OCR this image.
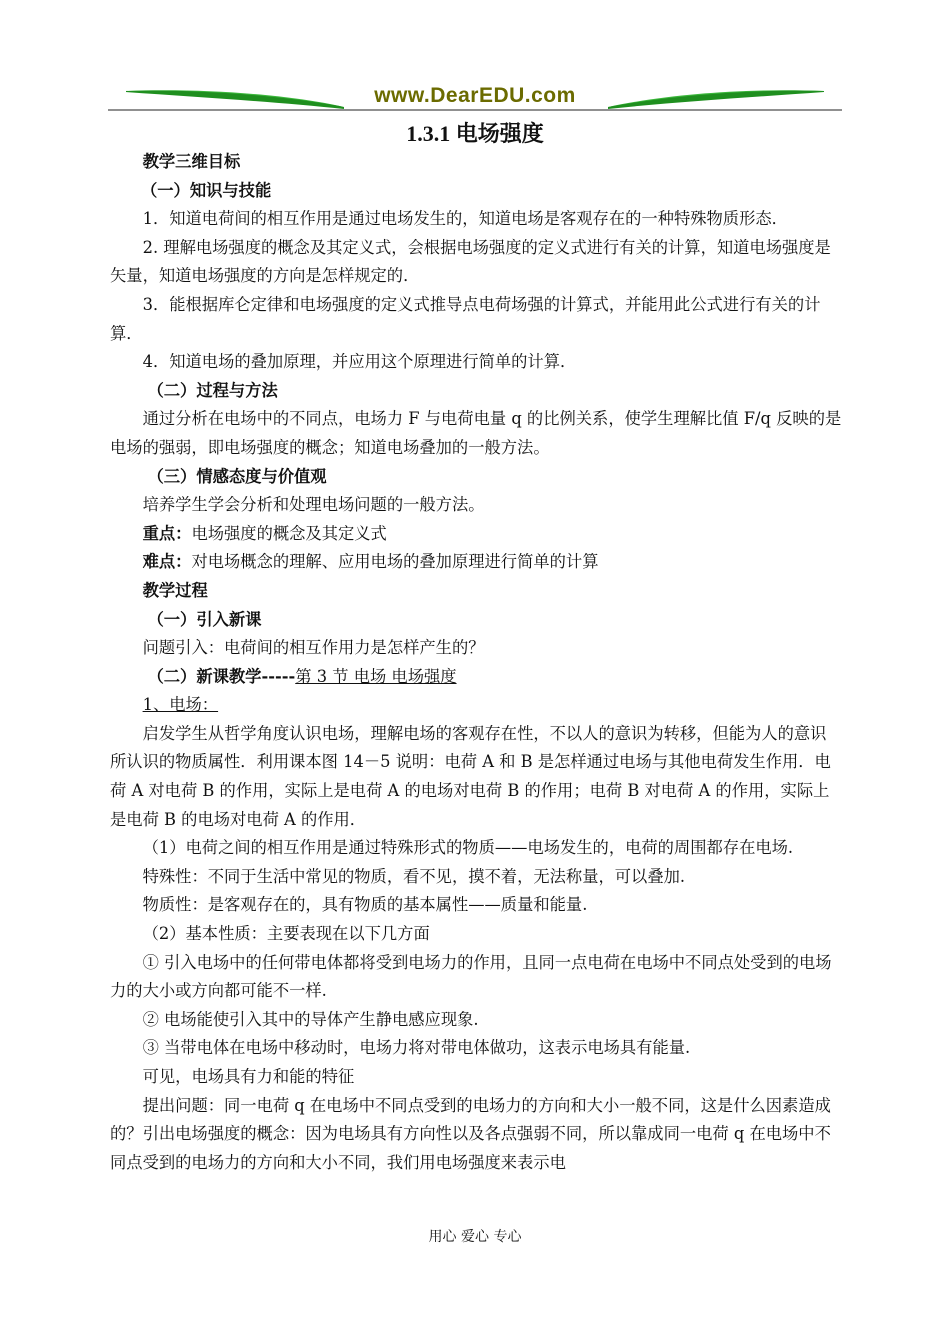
www.DearEDU.com
1.3.1 电场强度

教学三维目标

（一）知识与技能

1．知道电荷间的相互作用是通过电场发生的，知道电场是客观存在的一种特殊物质形态．

2. 理解电场强度的概念及其定义式，会根据电场强度的定义式进行有关的计算，知道电场强度是矢量，知道电场强度的方向是怎样规定的．

3．能根据库仑定律和电场强度的定义式推导点电荷场强的计算式，并能用此公式进行有关的计算．

4．知道电场的叠加原理，并应用这个原理进行简单的计算．

（二）过程与方法

通过分析在电场中的不同点，电场力 F 与电荷电量 q 的比例关系，使学生理解比值 F/q 反映的是电场的强弱，即电场强度的概念；知道电场叠加的一般方法。

（三）情感态度与价值观

培养学生学会分析和处理电场问题的一般方法。

重点：电场强度的概念及其定义式

难点：对电场概念的理解、应用电场的叠加原理进行简单的计算

教学过程

（一）引入新课

问题引入：电荷间的相互作用力是怎样产生的？

（二）新课教学-----第 3 节 电场 电场强度

1、电场：

启发学生从哲学角度认识电场，理解电场的客观存在性，不以人的意识为转移，但能为人的意识所认识的物质属性．利用课本图 14－5 说明：电荷 A 和 B 是怎样通过电场与其他电荷发生作用．电荷 A 对电荷 B 的作用，实际上是电荷 A 的电场对电荷 B 的作用；电荷 B 对电荷 A 的作用，实际上是电荷 B 的电场对电荷 A 的作用．

（1）电荷之间的相互作用是通过特殊形式的物质——电场发生的，电荷的周围都存在电场.

特殊性：不同于生活中常见的物质，看不见，摸不着，无法称量，可以叠加.

物质性：是客观存在的，具有物质的基本属性——质量和能量.

（2）基本性质：主要表现在以下几方面

① 引入电场中的任何带电体都将受到电场力的作用，且同一点电荷在电场中不同点处受到的电场力的大小或方向都可能不一样.

② 电场能使引入其中的导体产生静电感应现象.

③ 当带电体在电场中移动时，电场力将对带电体做功，这表示电场具有能量.

可见，电场具有力和能的特征

提出问题：同一电荷 q 在电场中不同点受到的电场力的方向和大小一般不同，这是什么因素造成的？引出电场强度的概念：因为电场具有方向性以及各点强弱不同，所以靠成同一电荷 q 在电场中不同点受到的电场力的方向和大小不同，我们用电场强度来表示电

用心 爱心 专心
